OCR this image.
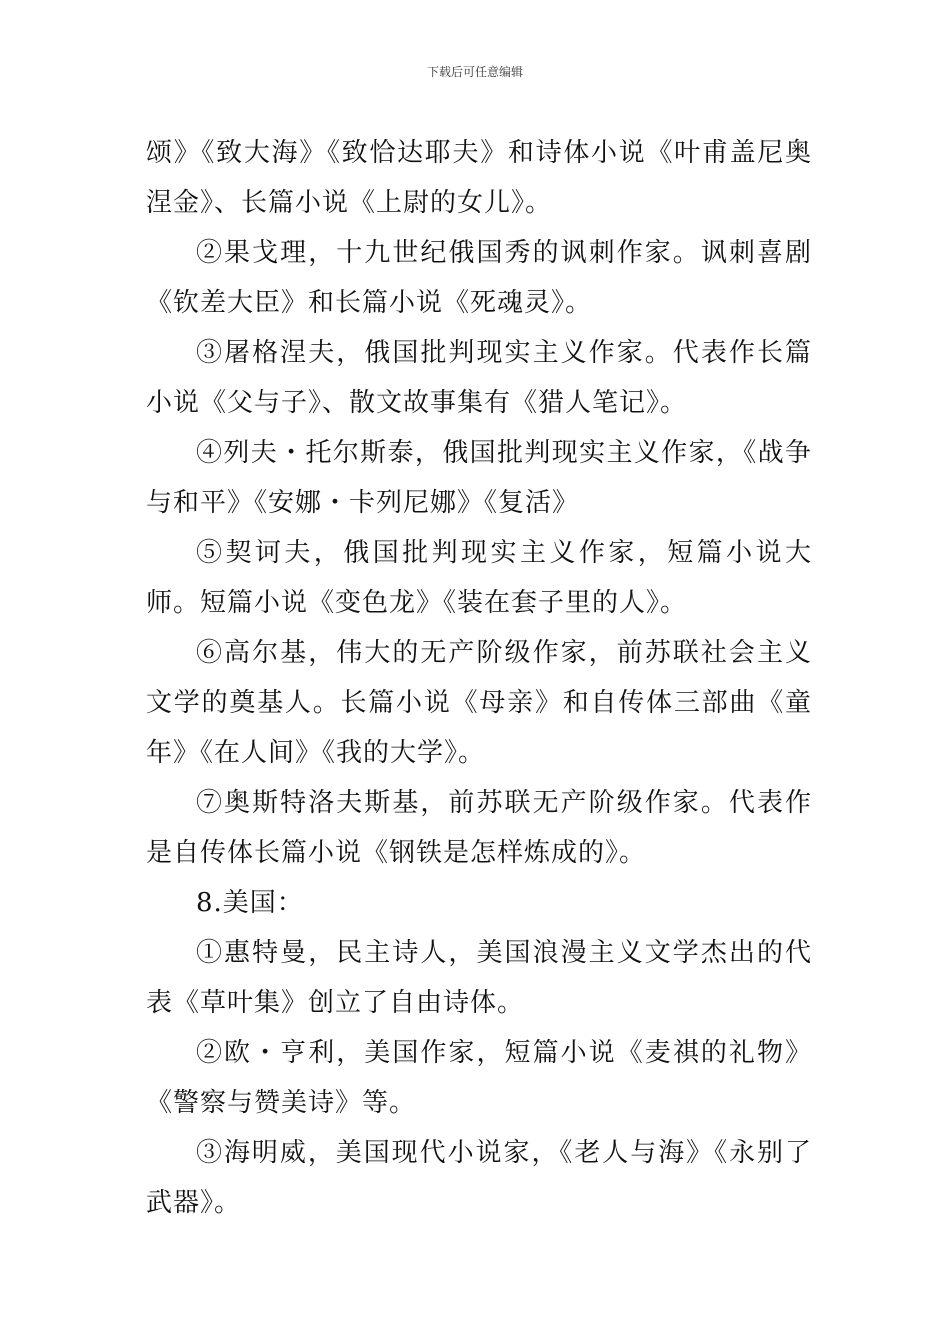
下载后可任意编辑

颂》《致大海》《致恰达耶夫》和诗体小说《叶甫盖尼奥涅金》、长篇小说《上尉的女儿》。

②果戈理，十九世纪俄国秀的讽刺作家。讽刺喜剧《钦差大臣》和长篇小说《死魂灵》。

③屠格涅夫，俄国批判现实主义作家。代表作长篇小说《父与子》、散文故事集有《猎人笔记》。

④列夫・托尔斯泰，俄国批判现实主义作家，《战争与和平》《安娜・卡列尼娜》《复活》

⑤契诃夫，俄国批判现实主义作家，短篇小说大师。短篇小说《变色龙》《装在套子里的人》。

⑥高尔基，伟大的无产阶级作家，前苏联社会主义文学的奠基人。长篇小说《母亲》和自传体三部曲《童年》《在人间》《我的大学》。

⑦奥斯特洛夫斯基，前苏联无产阶级作家。代表作是自传体长篇小说《钢铁是怎样炼成的》。

8.美国：

①惠特曼，民主诗人，美国浪漫主义文学杰出的代表《草叶集》创立了自由诗体。

②欧・亨利，美国作家，短篇小说《麦祺的礼物》《警察与赞美诗》等。

③海明威，美国现代小说家，《老人与海》《永别了武器》。
